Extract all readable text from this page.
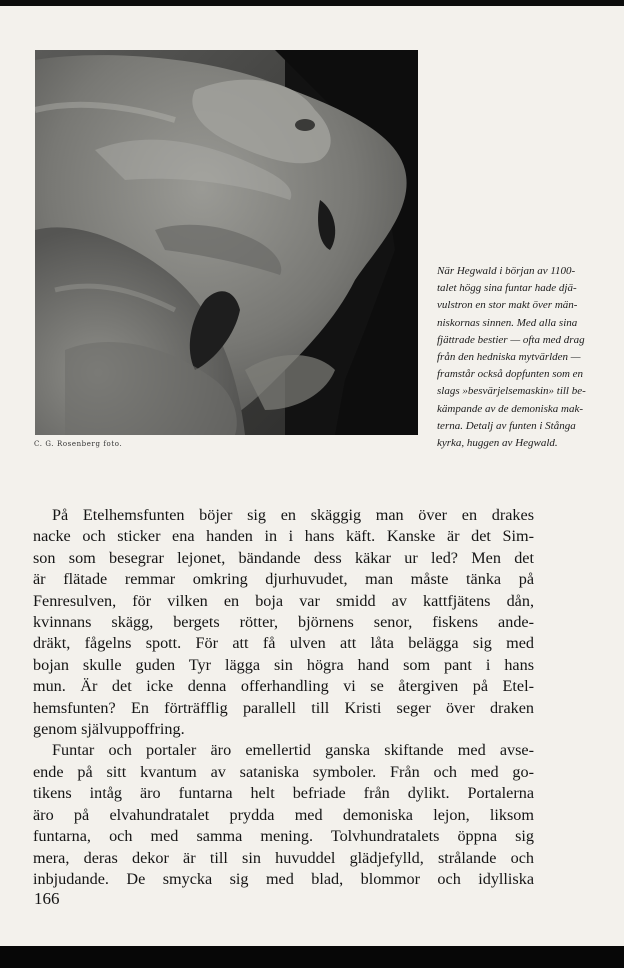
C. G. Rosenberg foto.
När Hegwald i början av 1100-
talet högg sina funtar hade djä-
vulstron en stor makt över män-
niskornas sinnen. Med alla sina
fjättrade bestier — ofta med drag
från den hedniska mytvärlden —
framstår också dopfunten som en
slags »besvärjelsemaskin» till be-
kämpande av de demoniska mak-
terna. Detalj av funten i Stånga
kyrka, huggen av Hegwald.
På Etelhemsfunten böjer sig en skäggig man över en drakes
nacke och sticker ena handen in i hans käft. Kanske är det Sim-
son som besegrar lejonet, bändande dess käkar ur led? Men det
är flätade remmar omkring djurhuvudet, man måste tänka på
Fenresulven, för vilken en boja var smidd av kattfjätens dån,
kvinnans skägg, bergets rötter, björnens senor, fiskens ande-
dräkt, fågelns spott. För att få ulven att låta belägga sig med
bojan skulle guden Tyr lägga sin högra hand som pant i hans
mun. Är det icke denna offerhandling vi se återgiven på Etel-
hemsfunten? En förträfflig parallell till Kristi seger över draken
genom självuppoffring.
Funtar och portaler äro emellertid ganska skiftande med avse-
ende på sitt kvantum av sataniska symboler. Från och med go-
tikens intåg äro funtarna helt befriade från dylikt. Portalerna
äro på elvahundratalet prydda med demoniska lejon, liksom
funtarna, och med samma mening. Tolvhundratalets öppna sig
mera, deras dekor är till sin huvuddel glädjefylld, strålande och
inbjudande. De smycka sig med blad, blommor och idylliska
166
